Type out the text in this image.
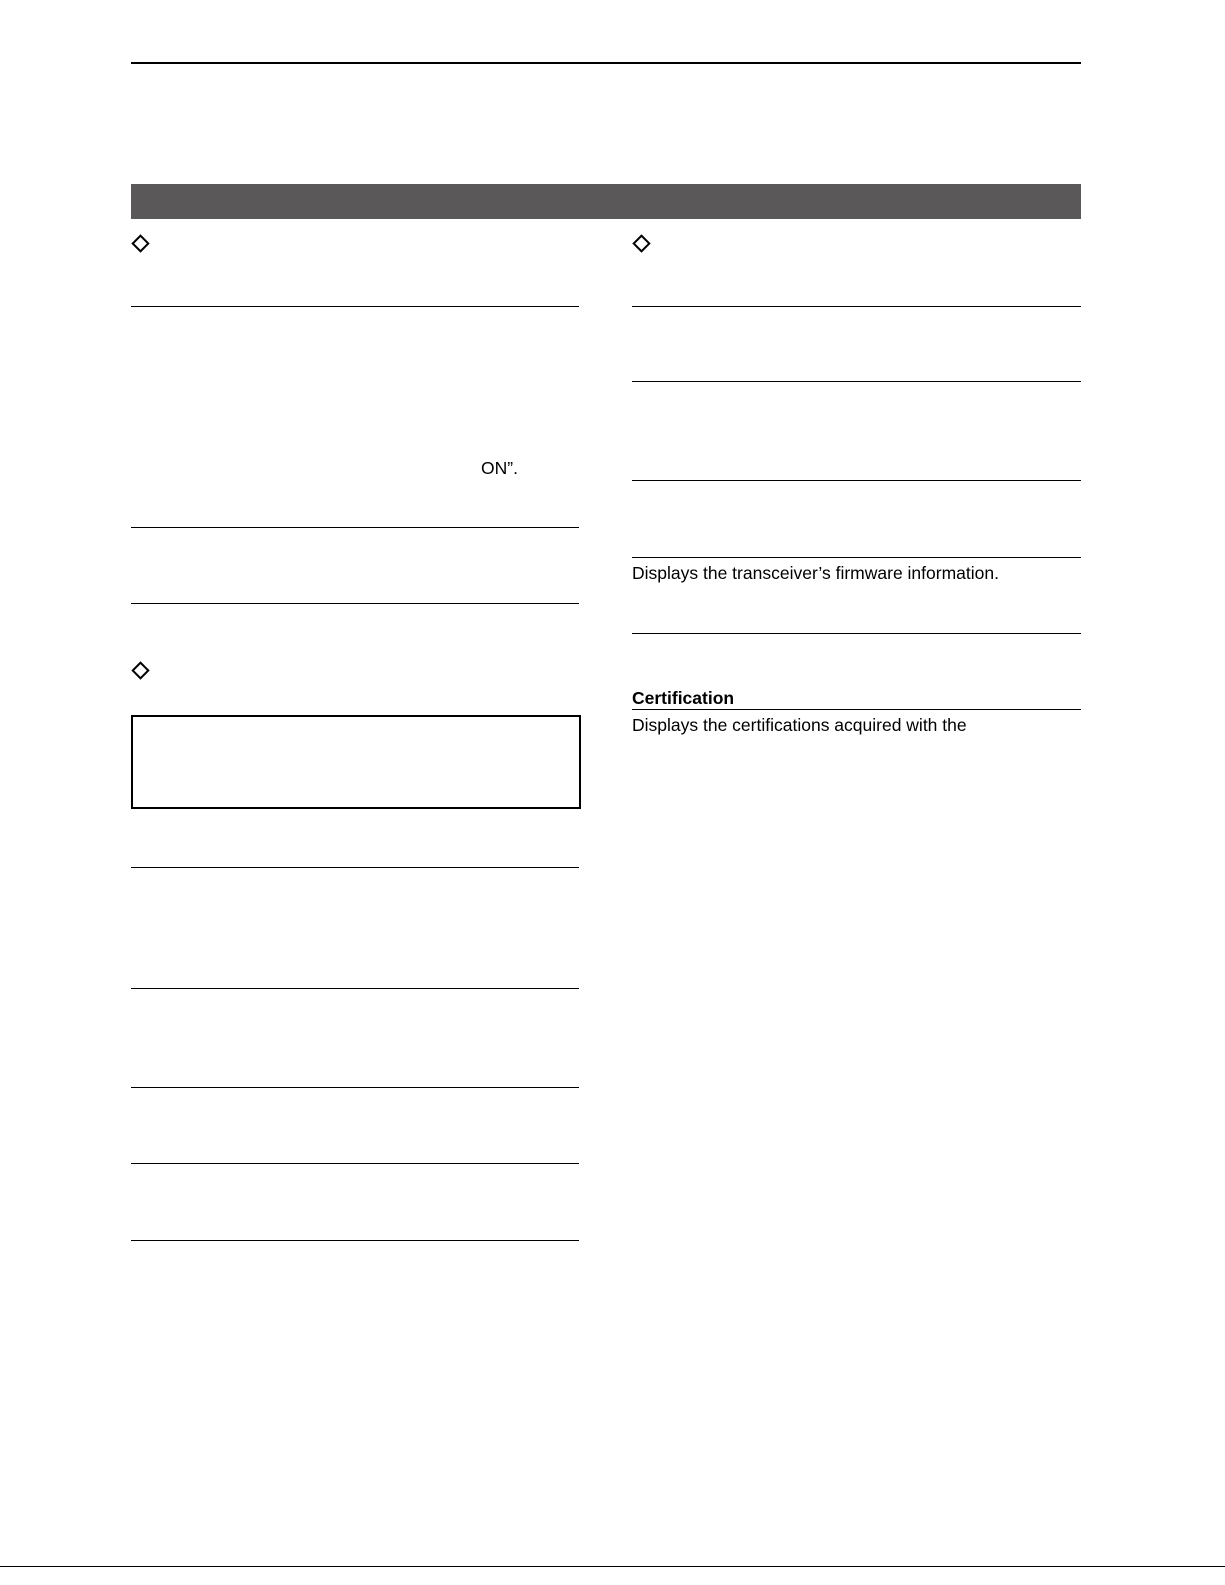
ON”.
Displays the transceiver’s firmware information.
Certification
Displays the certifications acquired with the
